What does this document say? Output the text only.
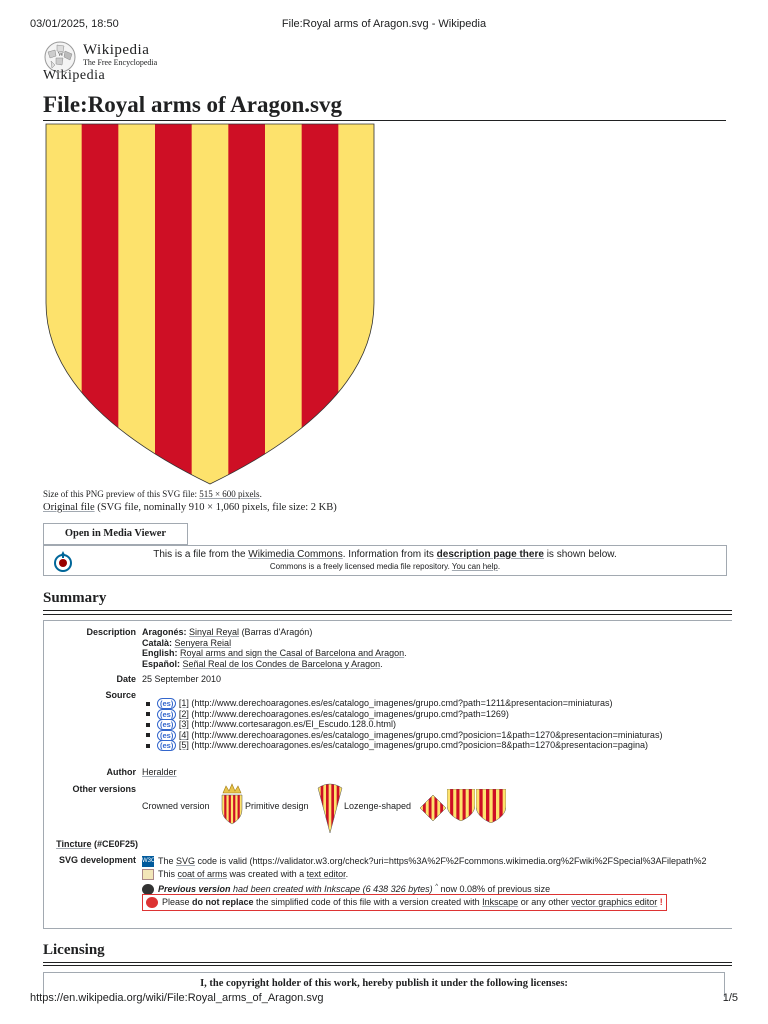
03/01/2025, 18:50	File:Royal arms of Aragon.svg - Wikipedia
W Wikipedia
The Free Encyclopedia
Wikipedia
File:Royal arms of Aragon.svg
Size of this PNG preview of this SVG file: 515 × 600 pixels.
Original file (SVG file, nominally 910 × 1,060 pixels, file size: 2 KB)
Open in Media Viewer
This is a file from the Wikimedia Commons. Information from its description page there is shown below.
Commons is a freely licensed media file repository. You can help.
Summary
Description Aragonés: Sinyal Reyal (Barras d'Aragón)
Català: Senyera Reial
English: Royal arms and sign the Casal of Barcelona and Aragon.
Español: Señal Real de los Condes de Barcelona y Aragon.
Date 25 September 2010
Source
(es) [1] (http://www.derechoaragones.es/es/catalogo_imagenes/grupo.cmd?path=1211&presentacion=miniaturas)
(es) [2] (http://www.derechoaragones.es/es/catalogo_imagenes/grupo.cmd?path=1269)
(es) [3] (http://www.cortesaragon.es/El_Escudo.128.0.html)
(es) [4] (http://www.derechoaragones.es/es/catalogo_imagenes/grupo.cmd?posicion=1&path=1270&presentacion=miniaturas)
(es) [5] (http://www.derechoaragones.es/es/catalogo_imagenes/grupo.cmd?posicion=8&path=1270&presentacion=pagina)
Author Heralder
Other versions
Crowned version	Primitive design	Lozenge-shaped
Tincture (#CE0F25)
SVG development W3C The SVG code is valid (https://validator.w3.org/check?uri=https%3A%2F%2Fcommons.wikimedia.org%2Fwiki%2FSpecial%3AFilepath%2
This coat of arms was created with a text editor.
Previous version had been created with Inkscape (6 438 326 bytes) ^ now 0.08% of previous size
Please do not replace the simplified code of this file with a version created with Inkscape or any other vector graphics editor !
Licensing
I, the copyright holder of this work, hereby publish it under the following licenses:
https://en.wikipedia.org/wiki/File:Royal_arms_of_Aragon.svg	1/5
